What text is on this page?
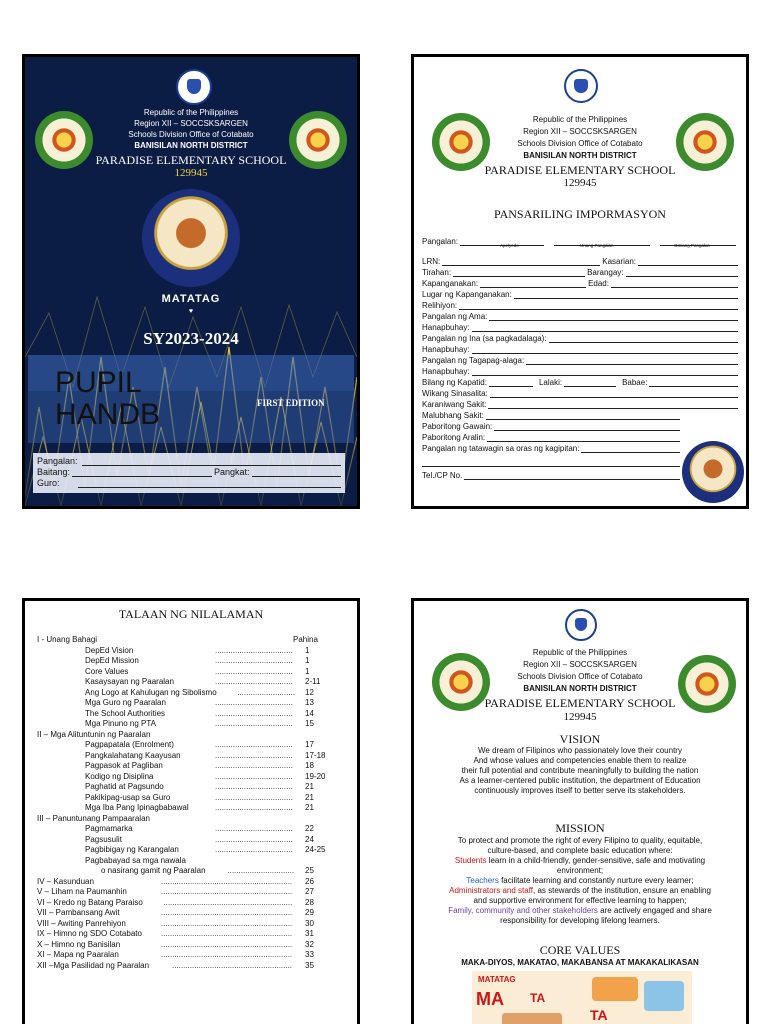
Republic of the Philippines
Region XII – SOCCSKSARGEN
Schools Division Office of Cotabato
BANISILAN NORTH DISTRICT
PARADISE ELEMENTARY SCHOOL
129945
MATATAG
♥
SY2023-2024
PUPIL HANDB	FIRST EDITION
Pangalan:
Baitang:	Pangkat:
Guro:
Republic of the Philippines
Region XII – SOCCSKSARGEN
Schools Division Office of Cotabato
BANISILAN NORTH DISTRICT
PARADISE ELEMENTARY SCHOOL
129945
PANSARILING IMPORMASYON
Pangalan:	Apelyedo	Unang Pangalan	Gitnang Pangalan
LRN:	Kasarian:
Tirahan:	Barangay:
Kapanganakan:	Edad:
Lugar ng Kapanganakan:
Relihiyon:
Pangalan ng Ama:
Hanapbuhay:
Pangalan ng Ina (sa pagkadalaga):
Hanapbuhay:
Pangalan ng Tagapag-alaga:
Hanapbuhay:
Bilang ng Kapatid:	Lalaki:	Babae:
Wikang Sinasalita:
Karaniwang Sakit:
Malubhang Sakit:
Paboritong Gawain:
Paboritong Aralin:
Pangalan ng tatawagin sa oras ng kagipitan:
Tel./CP No.
TALAAN NG NILALAMAN
Pahina
I - Unang Bahagi
DepEd Vision	................................... 1
DepEd Mission	................................... 1
Core Values	................................... 1
Kasaysayan ng Paaralan	................................... 2-11
Ang Logo at Kahulugan ng Sibolismo	.......................... 12
Mga Guro ng Paaralan	................................... 13
The School Authorities	................................... 14
Mga Pinuno ng PTA	................................... 15
II – Mga Alituntunin ng Paaralan
Pagpapatala (Enrolment)	................................... 17
Pangkalahatang Kaayusan	................................... 17-18
Pagpasok at Pagliban	................................... 18
Kodigo ng Disiplina	................................... 19-20
Paghatid at Pagsundo	................................... 21
Pakikipag-usap sa Guro	................................... 21
Mga Iba Pang Ipinagbabawal	................................... 21
III – Panuntunang Pampaaralan
Pagmamarka	................................... 22
Pagsusulit	................................... 24
Pagbibigay ng Karangalan	................................... 24-25
Pagbabayad sa mga nawala
o nasirang gamit ng Paaralan	.............................. 25
IV – Kasunduan	........................................................... 26
V – Liham na Paumanhin	........................................................... 27
VI – Kredo ng Batang Paraiso	.......................................................... 28
VII – Pambansang Awit	........................................................... 29
VIII – Awiting Panrehiyon	........................................................... 30
IX – Himno ng SDO Cotabato ........................................................... 31
X – Himno ng Banisilan	........................................................... 32
XI – Mapa ng Paaralan	........................................................... 33
XII –Mga Pasilidad ng Paaralan	...................................................... 35
Republic of the Philippines
Region XII – SOCCSKSARGEN
Schools Division Office of Cotabato
BANISILAN NORTH DISTRICT
PARADISE ELEMENTARY SCHOOL
129945
VISION
We dream of Filipinos who passionately love their country
And whose values and competencies enable them to realize
their full potential and contribute meaningfully to building the nation
As a learner-centered public institution, the department of Education
continuously improves itself to better serve its stakeholders.
MISSION
To protect and promote the right of every Filipino to quality, equitable,
culture-based, and complete basic education where:
Students learn in a child-friendly, gender-sensitive, safe and motivating
environment;
Teachers facilitate learning and constantly nurture every learner;
Administrators and staff, as stewards of the institution, ensure an enabling
and supportive environment for effective learning to happen;
Family, community and other stakeholders are actively engaged and share
responsibility for developing lifelong learners.
CORE VALUES
MAKA-DIYOS, MAKATAO, MAKABANSA AT MAKAKALIKASAN
MATATAG
MA TA
TA
